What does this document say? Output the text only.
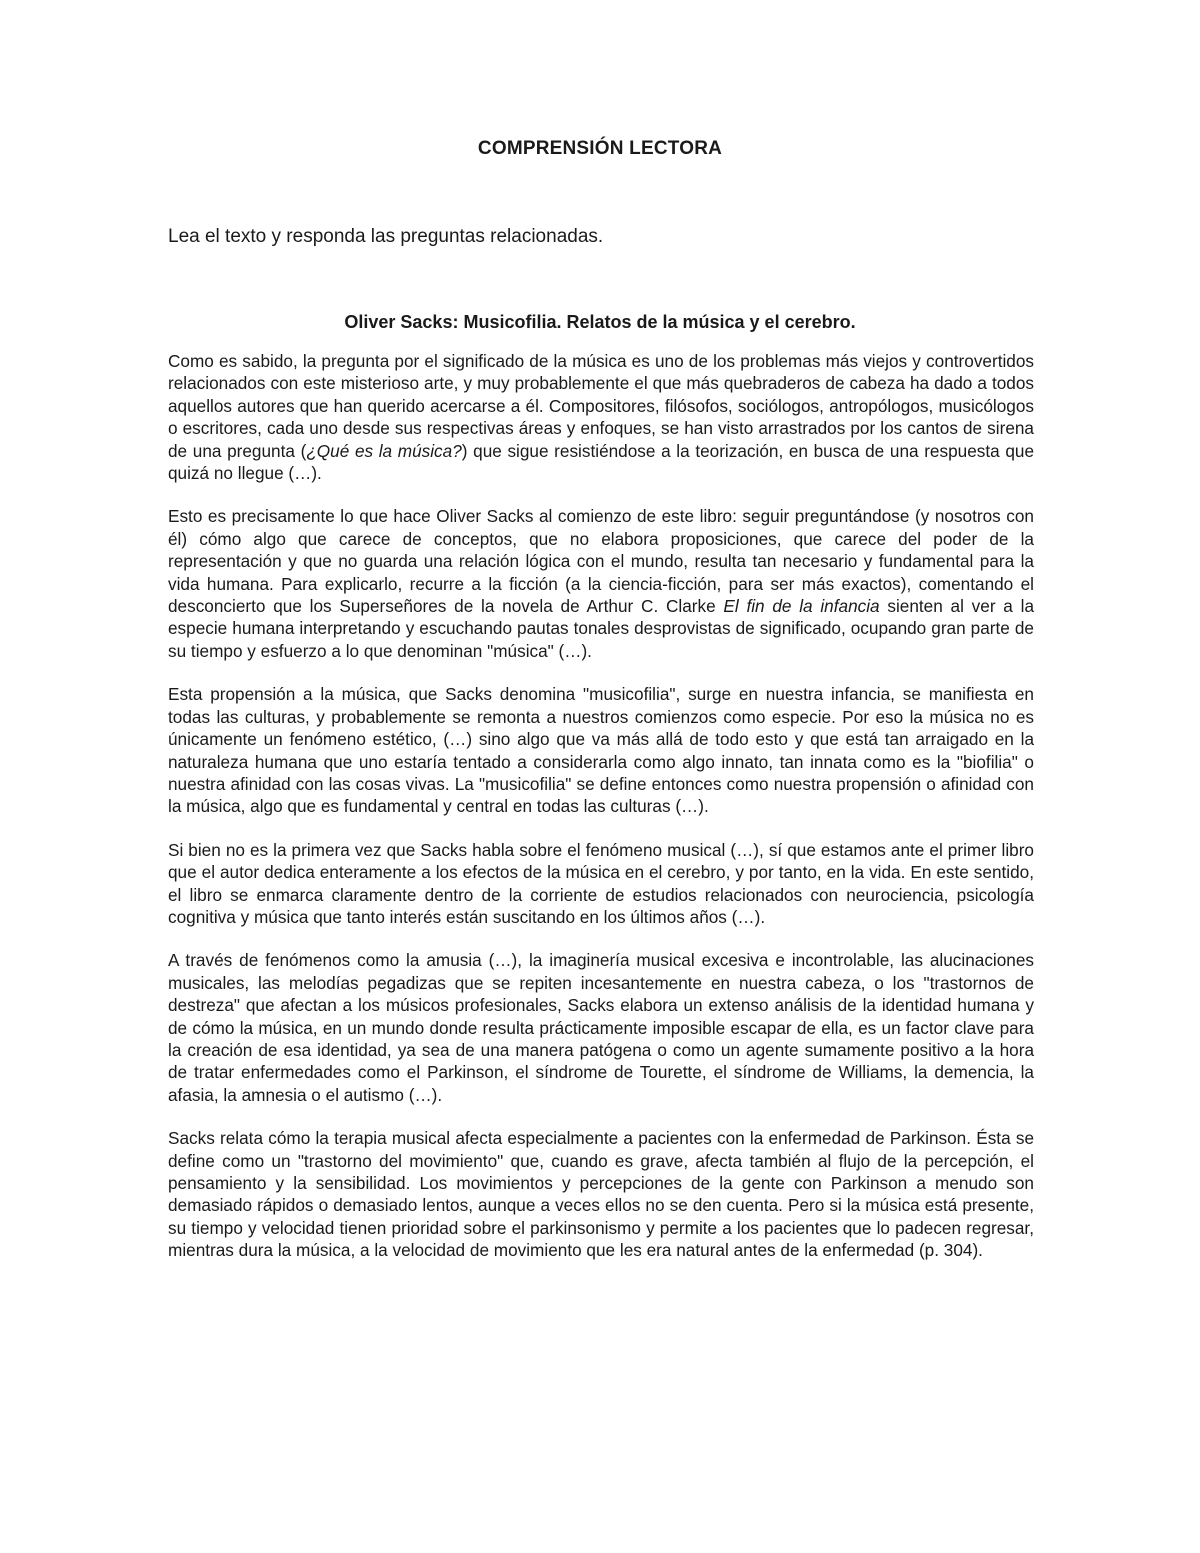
COMPRENSIÓN LECTORA
Lea el texto y responda las preguntas relacionadas.
Oliver Sacks: Musicofilia. Relatos de la música y el cerebro.

Como es sabido, la pregunta por el significado de la música es uno de los problemas más viejos y controvertidos relacionados con este misterioso arte, y muy probablemente el que más quebraderos de cabeza ha dado a todos aquellos autores que han querido acercarse a él. Compositores, filósofos, sociólogos, antropólogos, musicólogos o escritores, cada uno desde sus respectivas áreas y enfoques, se han visto arrastrados por los cantos de sirena de una pregunta (¿Qué es la música?) que sigue resistiéndose a la teorización, en busca de una respuesta que quizá no llegue (…).

Esto es precisamente lo que hace Oliver Sacks al comienzo de este libro: seguir preguntándose (y nosotros con él) cómo algo que carece de conceptos, que no elabora proposiciones, que carece del poder de la representación y que no guarda una relación lógica con el mundo, resulta tan necesario y fundamental para la vida humana. Para explicarlo, recurre a la ficción (a la ciencia-ficción, para ser más exactos), comentando el desconcierto que los Superseñores de la novela de Arthur C. Clarke El fin de la infancia sienten al ver a la especie humana interpretando y escuchando pautas tonales desprovistas de significado, ocupando gran parte de su tiempo y esfuerzo a lo que denominan "música" (…).

Esta propensión a la música, que Sacks denomina "musicofilia", surge en nuestra infancia, se manifiesta en todas las culturas, y probablemente se remonta a nuestros comienzos como especie. Por eso la música no es únicamente un fenómeno estético, (…) sino algo que va más allá de todo esto y que está tan arraigado en la naturaleza humana que uno estaría tentado a considerarla como algo innato, tan innata como es la "biofilia" o nuestra afinidad con las cosas vivas. La "musicofilia" se define entonces como nuestra propensión o afinidad con la música, algo que es fundamental y central en todas las culturas (…).

Si bien no es la primera vez que Sacks habla sobre el fenómeno musical (…), sí que estamos ante el primer libro que el autor dedica enteramente a los efectos de la música en el cerebro, y por tanto, en la vida. En este sentido, el libro se enmarca claramente dentro de la corriente de estudios relacionados con neurociencia, psicología cognitiva y música que tanto interés están suscitando en los últimos años (…).

A través de fenómenos como la amusia (…), la imaginería musical excesiva e incontrolable, las alucinaciones musicales, las melodías pegadizas que se repiten incesantemente en nuestra cabeza, o los "trastornos de destreza" que afectan a los músicos profesionales, Sacks elabora un extenso análisis de la identidad humana y de cómo la música, en un mundo donde resulta prácticamente imposible escapar de ella, es un factor clave para la creación de esa identidad, ya sea de una manera patógena o como un agente sumamente positivo a la hora de tratar enfermedades como el Parkinson, el síndrome de Tourette, el síndrome de Williams, la demencia, la afasia, la amnesia o el autismo (…).

Sacks relata cómo la terapia musical afecta especialmente a pacientes con la enfermedad de Parkinson. Ésta se define como un "trastorno del movimiento" que, cuando es grave, afecta también al flujo de la percepción, el pensamiento y la sensibilidad. Los movimientos y percepciones de la gente con Parkinson a menudo son demasiado rápidos o demasiado lentos, aunque a veces ellos no se den cuenta. Pero si la música está presente, su tiempo y velocidad tienen prioridad sobre el parkinsonismo y permite a los pacientes que lo padecen regresar, mientras dura la música, a la velocidad de movimiento que les era natural antes de la enfermedad (p. 304).
